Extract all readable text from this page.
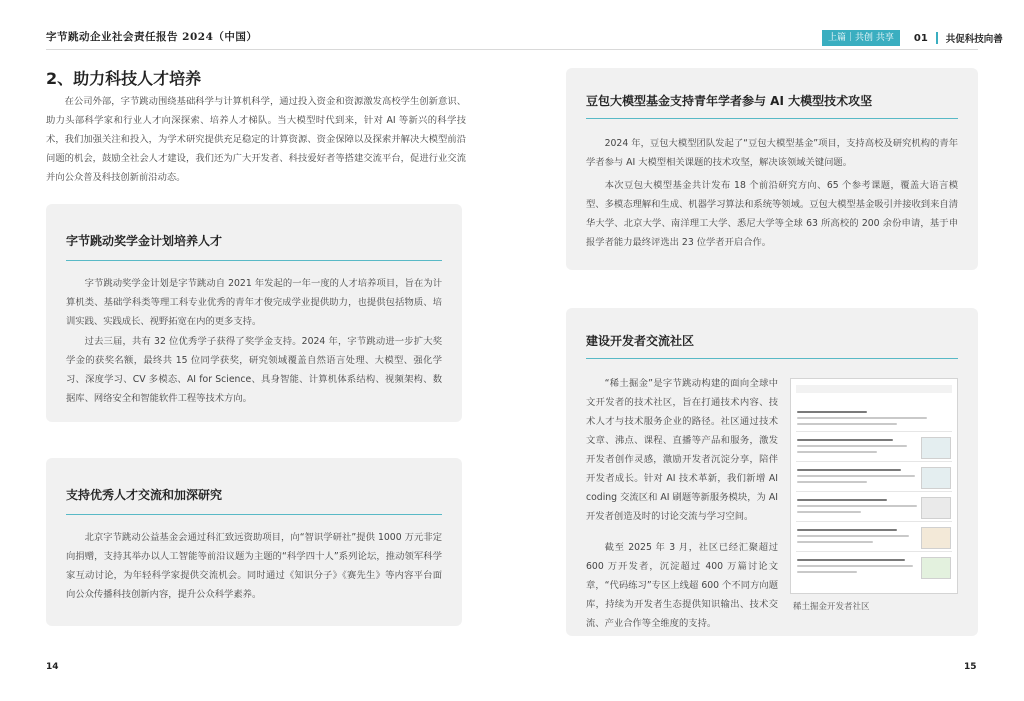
字节跳动企业社会责任报告 2024（中国）	上篇｜共创 共享	01 共促科技向善
2、助力科技人才培养
在公司外部，字节跳动围绕基础科学与计算机科学，通过投入资金和资源激发高校学生创新意识、助力头部科学家和行业人才向深探索、培养人才梯队。当大模型时代到来，针对 AI 等新兴的科学技术，我们加强关注和投入，为学术研究提供充足稳定的计算资源、资金保障以及探索并解决大模型前沿问题的机会，鼓励全社会人才建设，我们还为广大开发者、科技爱好者等搭建交流平台，促进行业交流并向公众普及科技创新前沿动态。
字节跳动奖学金计划培养人才
字节跳动奖学金计划是字节跳动自 2021 年发起的一年一度的人才培养项目，旨在为计算机类、基础学科类等理工科专业优秀的青年才俊完成学业提供助力，也提供包括物质、培训实践、实践成长、视野拓宽在内的更多支持。
过去三届，共有 32 位优秀学子获得了奖学金支持。2024 年，字节跳动进一步扩大奖学金的获奖名额，最终共 15 位同学获奖，研究领域覆盖自然语言处理、大模型、强化学习、深度学习、CV 多模态、AI for Science、具身智能、计算机体系结构、视频架构、数据库、网络安全和智能软件工程等技术方向。
支持优秀人才交流和加深研究
北京字节跳动公益基金会通过科汇致远资助项目，向“智识学研社”提供 1000 万元非定向捐赠，支持其举办以人工智能等前沿议题为主题的“科学四十人”系列论坛，推动领军科学家互动讨论，为年轻科学家提供交流机会。同时通过《知识分子》《赛先生》等内容平台面向公众传播科技创新内容，提升公众科学素养。
14
豆包大模型基金支持青年学者参与 AI 大模型技术攻坚
2024 年，豆包大模型团队发起了“豆包大模型基金”项目，支持高校及研究机构的青年学者参与 AI 大模型相关课题的技术攻坚，解决该领域关键问题。
本次豆包大模型基金共计发布 18 个前沿研究方向、65 个参考课题，覆盖大语言模型、多模态理解和生成、机器学习算法和系统等领域。豆包大模型基金吸引并接收到来自清华大学、北京大学、南洋理工大学、悉尼大学等全球 63 所高校的 200 余份申请，基于申报学者能力最终评选出 23 位学者开启合作。
建设开发者交流社区
“稀土掘金”是字节跳动构建的面向全球中文开发者的技术社区，旨在打通技术内容、技术人才与技术服务企业的路径。社区通过技术文章、沸点、课程、直播等产品和服务，激发开发者创作灵感，激励开发者沉淀分享，陪伴开发者成长。针对 AI 技术革新，我们新增 AI coding 交流区和 AI 刷题等新服务模块，为 AI 开发者创造及时的讨论交流与学习空间。
截至 2025 年 3 月，社区已经汇聚超过 600 万开发者，沉淀超过 400 万篇讨论文章，“代码练习”专区上线超 600 个不同方向题库，持续为开发者生态提供知识输出、技术交流、产业合作等全维度的支持。
稀土掘金开发者社区
15
